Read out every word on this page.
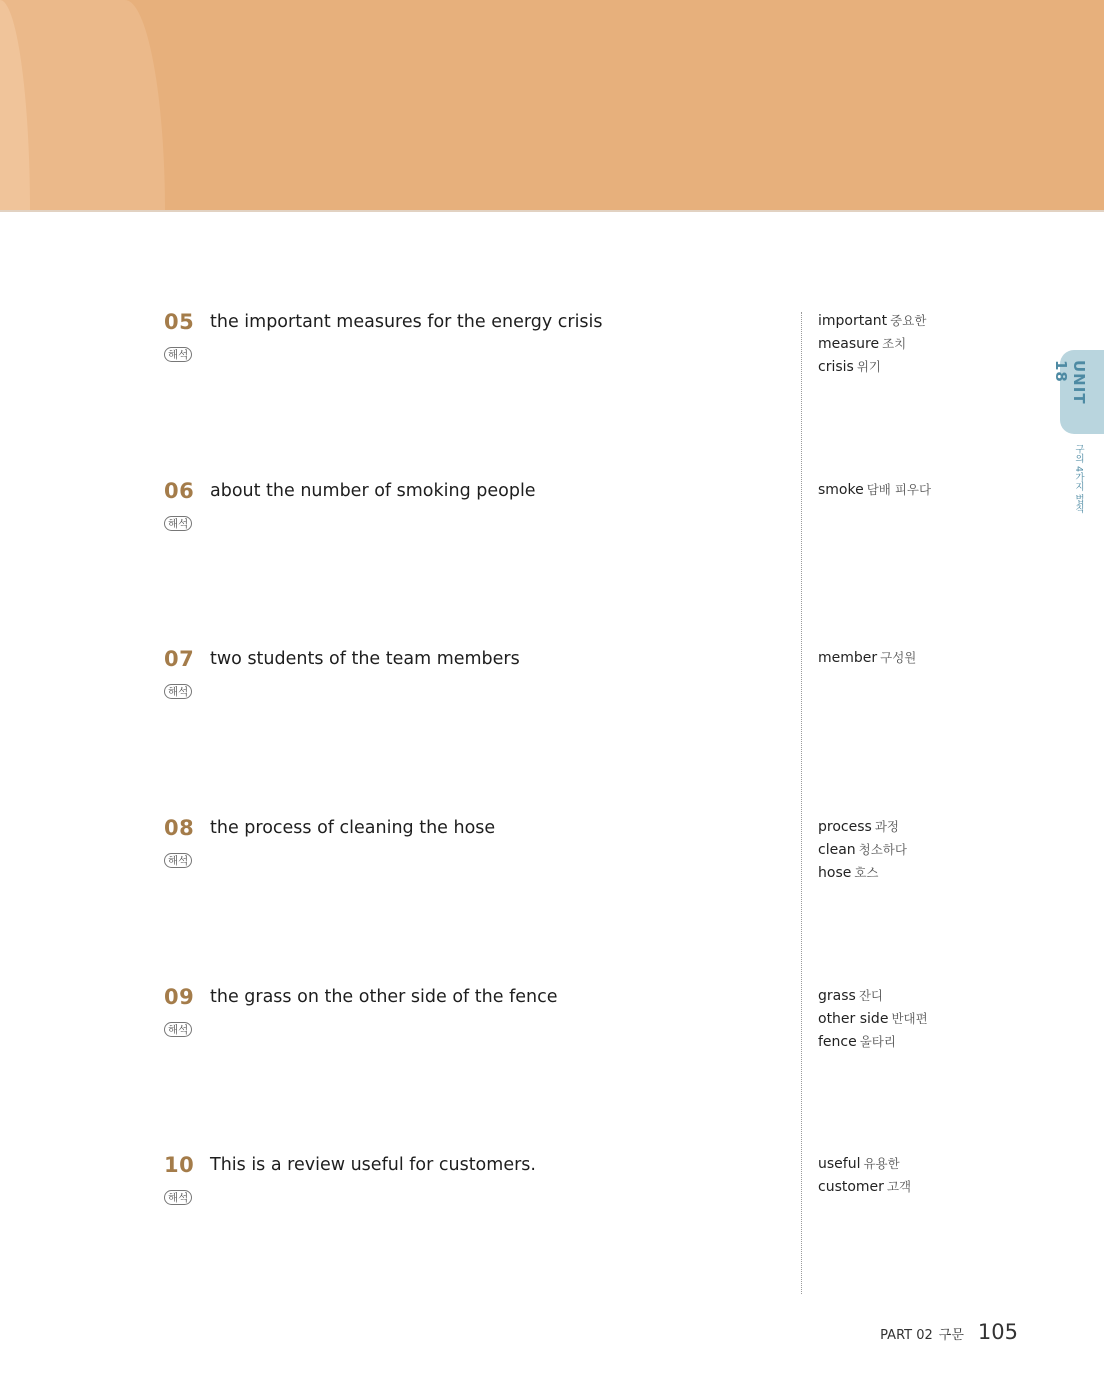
05 the important measures for the energy crisis
해석
06 about the number of smoking people
해석
07 two students of the team members
해석
08 the process of cleaning the hose
해석
09 the grass on the other side of the fence
해석
10 This is a review useful for customers.
해석
important 중요한
measure 조치
crisis 위기
smoke 담배 피우다
member 구성원
process 과정
clean 청소하다
hose 호스
grass 잔디
other side 반대편
fence 울타리
useful 유용한
customer 고객
UNIT 18
구의 4가지 법칙
PART 02 구문 105
